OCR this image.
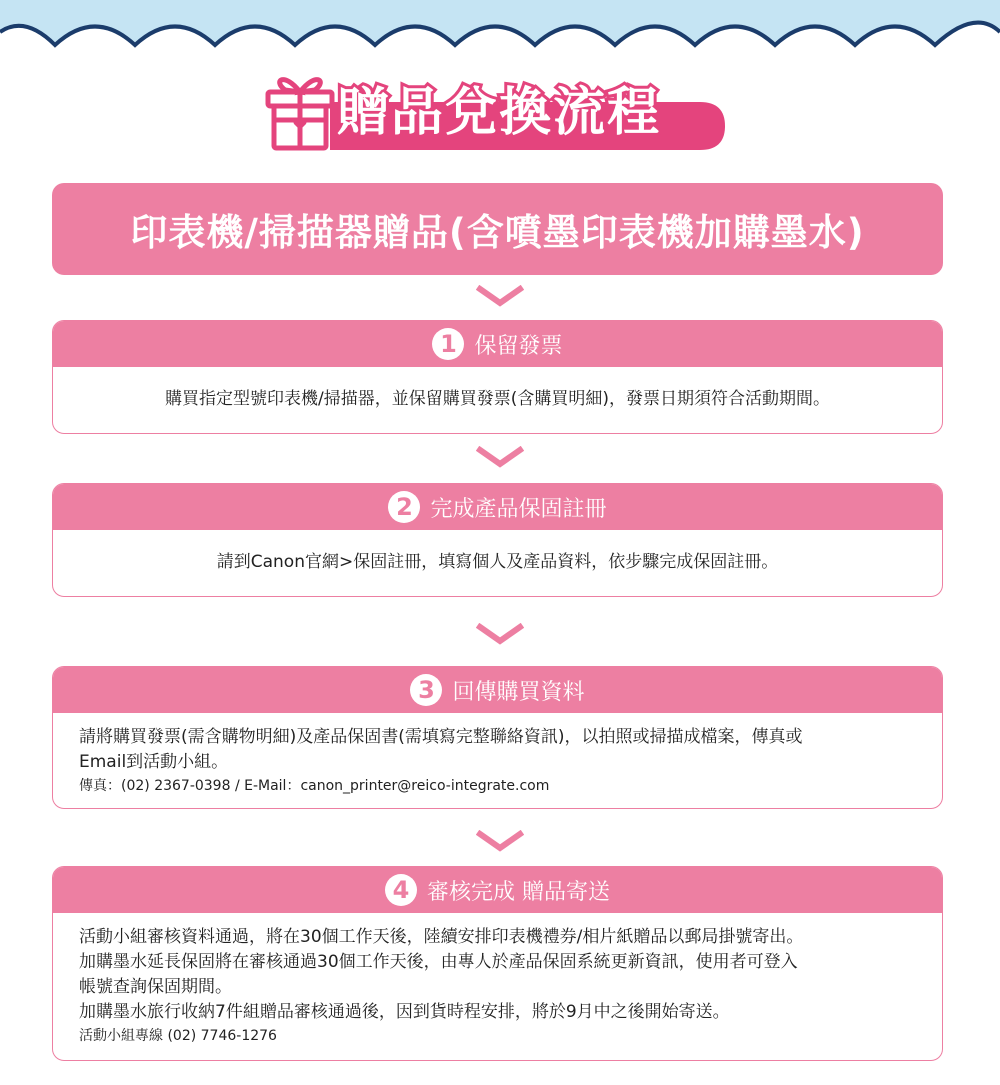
贈品兌換流程
印表機/掃描器贈品(含噴墨印表機加購墨水)
1 保留發票
購買指定型號印表機/掃描器，並保留購買發票(含購買明細)，發票日期須符合活動期間。
2 完成產品保固註冊
請到Canon官網>保固註冊，填寫個人及產品資料，依步驟完成保固註冊。
3 回傳購買資料
請將購買發票(需含購物明細)及產品保固書(需填寫完整聯絡資訊)，以拍照或掃描成檔案，傳真或
Email到活動小組。
傳真：(02) 2367-0398 / E-Mail：canon_printer@reico-integrate.com
4 審核完成 贈品寄送
活動小組審核資料通過，將在30個工作天後，陸續安排印表機禮券/相片紙贈品以郵局掛號寄出。
加購墨水延長保固將在審核通過30個工作天後，由專人於產品保固系統更新資訊，使用者可登入
帳號查詢保固期間。
加購墨水旅行收納7件組贈品審核通過後，因到貨時程安排，將於9月中之後開始寄送。
活動小組專線 (02) 7746-1276
